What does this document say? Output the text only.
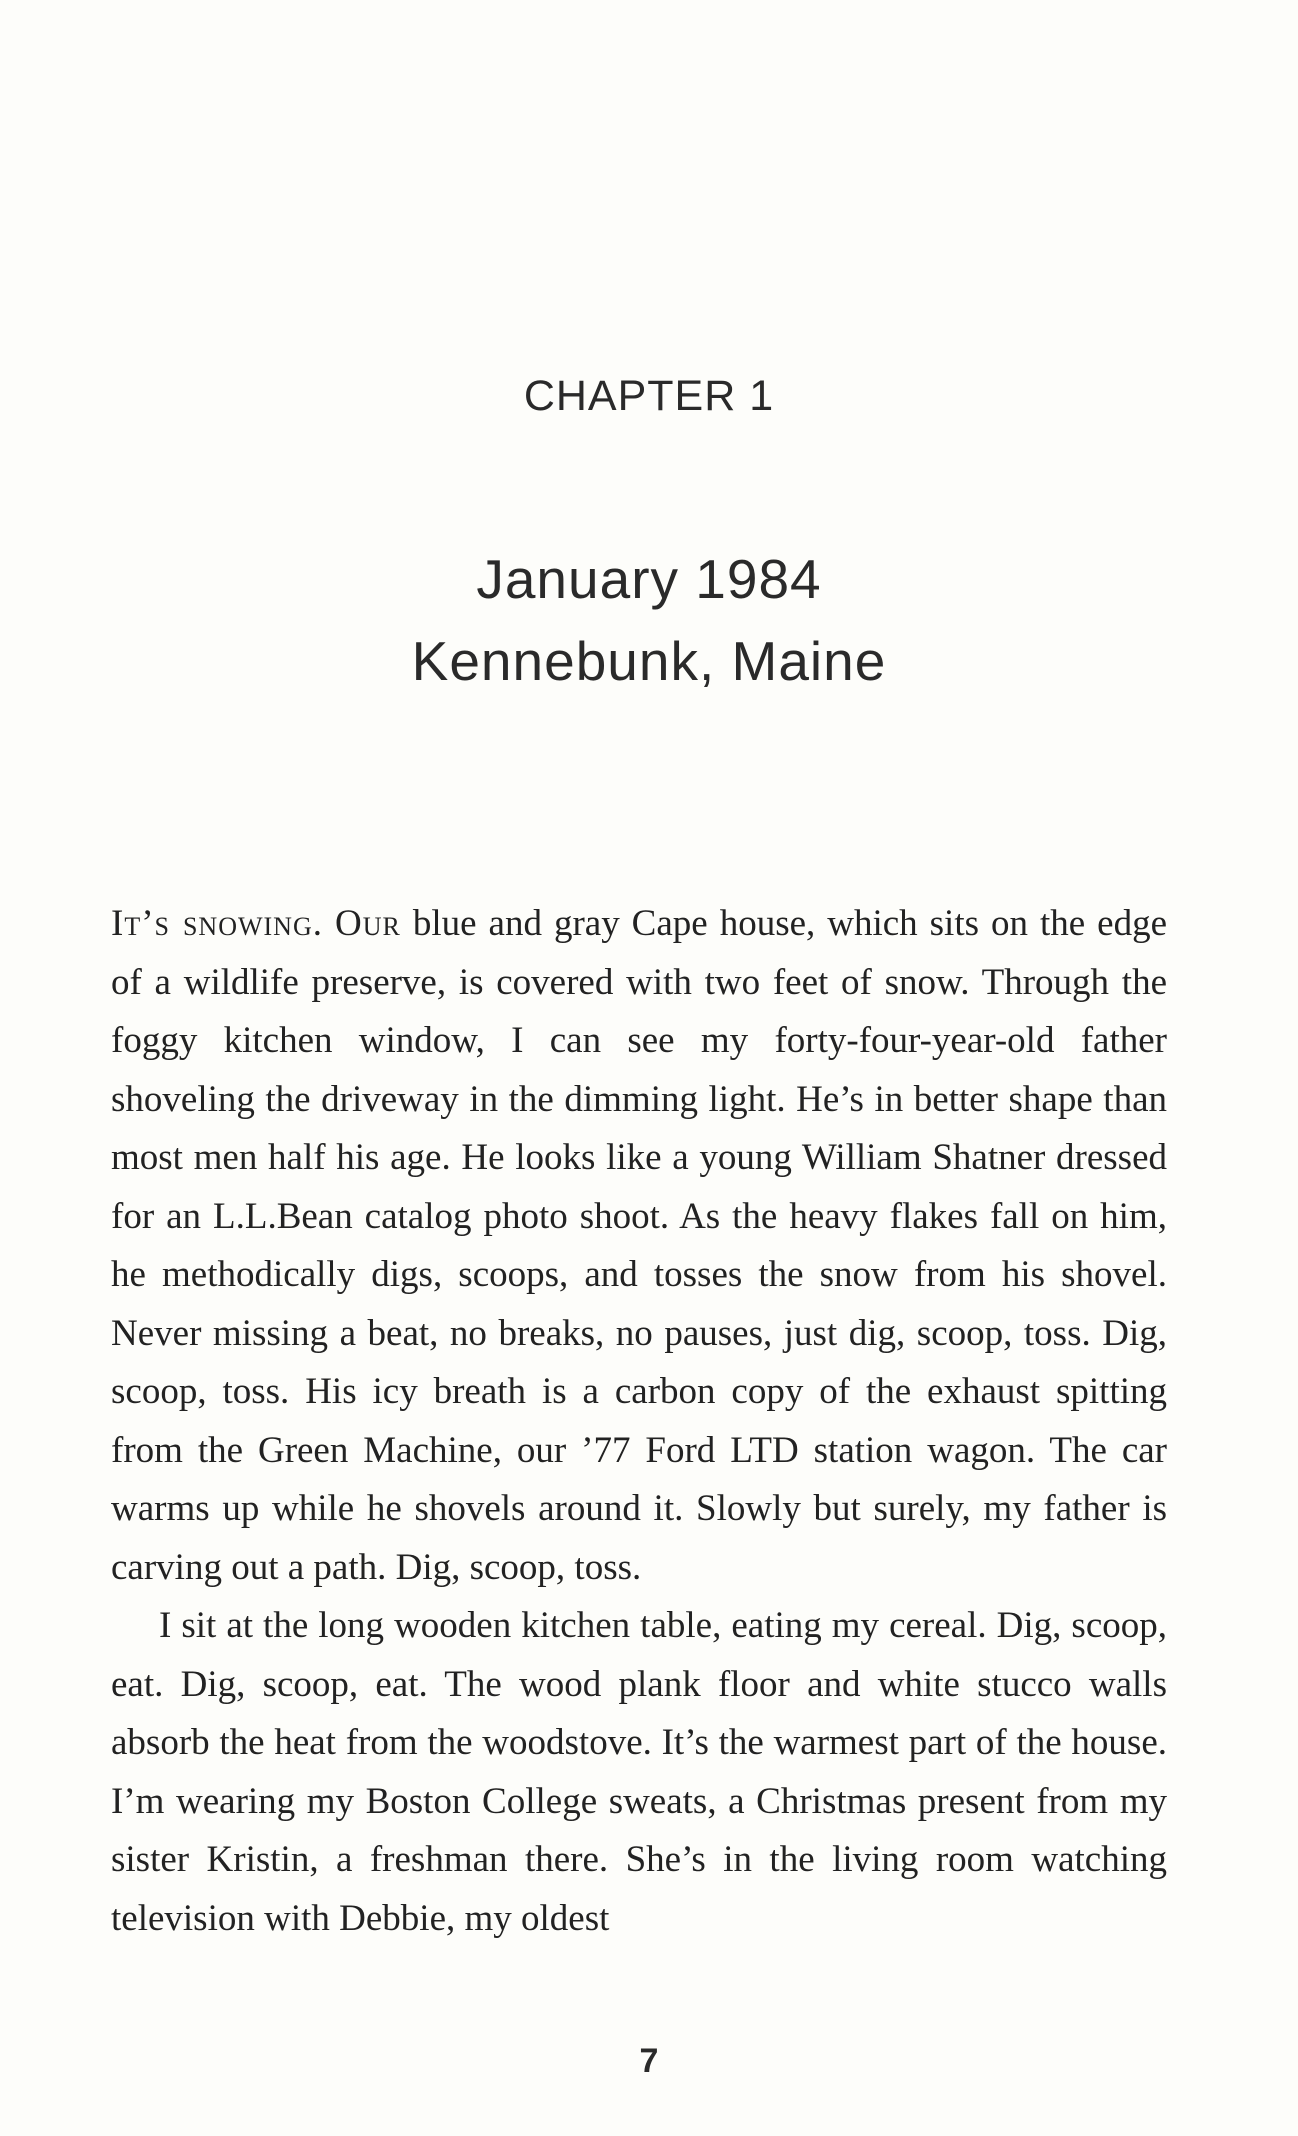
CHAPTER 1
January 1984
Kennebunk, Maine

It’s snowing. Our blue and gray Cape house, which sits on the edge of a wildlife preserve, is covered with two feet of snow. Through the foggy kitchen window, I can see my forty-four-year-old father shoveling the driveway in the dimming light. He’s in better shape than most men half his age. He looks like a young William Shatner dressed for an L.L.Bean catalog photo shoot. As the heavy flakes fall on him, he methodically digs, scoops, and tosses the snow from his shovel. Never missing a beat, no breaks, no pauses, just dig, scoop, toss. Dig, scoop, toss. His icy breath is a carbon copy of the exhaust spitting from the Green Machine, our ’77 Ford LTD station wagon. The car warms up while he shovels around it. Slowly but surely, my father is carving out a path. Dig, scoop, toss.

I sit at the long wooden kitchen table, eating my cereal. Dig, scoop, eat. Dig, scoop, eat. The wood plank floor and white stucco walls absorb the heat from the woodstove. It’s the warmest part of the house. I’m wearing my Boston College sweats, a Christmas present from my sister Kristin, a freshman there. She’s in the living room watching television with Debbie, my oldest

7
